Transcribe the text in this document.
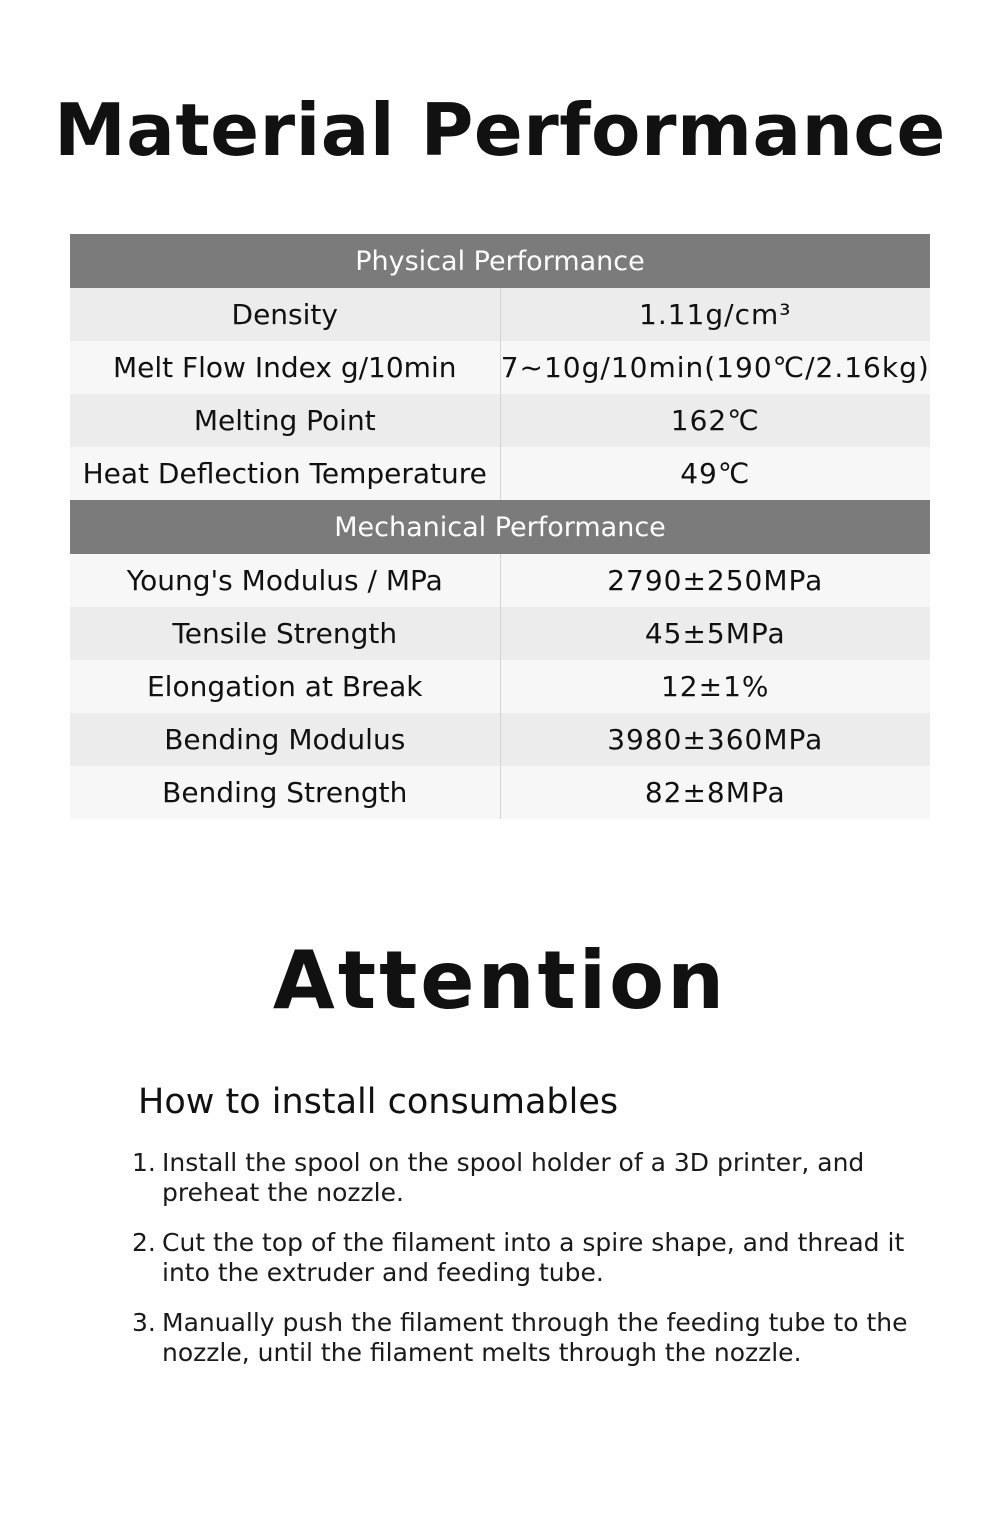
Material Performance
Physical Performance	
Density	1.11g/cm³
Melt Flow Index g/10min	7~10g/10min(190℃/2.16kg)
Melting Point	162℃
Heat Deflection Temperature	49℃
Mechanical Performance	
Young's Modulus / MPa	2790±250MPa
Tensile Strength	45±5MPa
Elongation at Break	12±1%
Bending Modulus	3980±360MPa
Bending Strength	82±8MPa
Attention
How to install consumables
1. Install the spool on the spool holder of a 3D printer, and preheat the nozzle.
2. Cut the top of the filament into a spire shape, and thread it into the extruder and feeding tube.
3. Manually push the filament through the feeding tube to the nozzle, until the filament melts through the nozzle.
